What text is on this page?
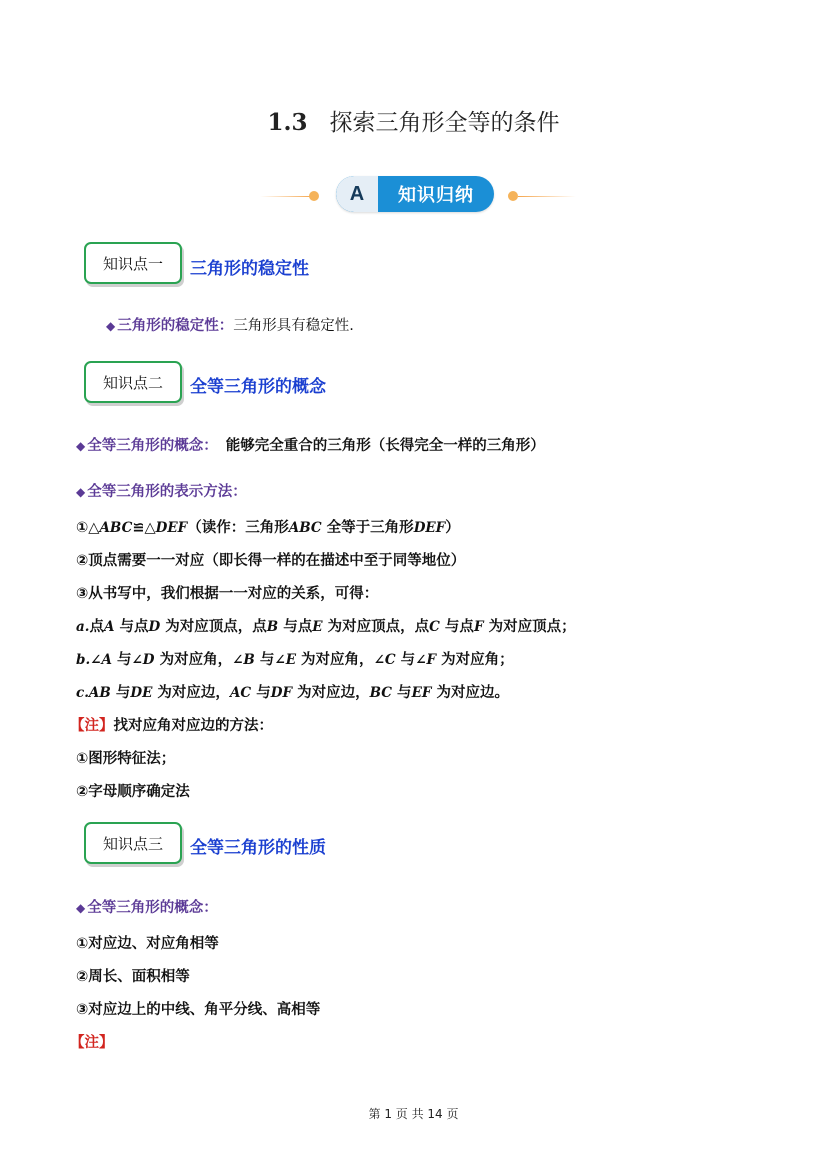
1.3 探索三角形全等的条件
A	知识归纳
知识点一	三角形的稳定性
◆ 三角形的稳定性：三角形具有稳定性.
知识点二	全等三角形的概念
◆ 全等三角形的概念： 能够完全重合的三角形（长得完全一样的三角形）
◆ 全等三角形的表示方法：
①△ABC≌△DEF（读作：三角形ABC 全等于三角形DEF）
②顶点需要一一对应（即长得一样的在描述中至于同等地位）
③从书写中，我们根据一一对应的关系，可得：
a.点A 与点D 为对应顶点，点B 与点E 为对应顶点，点C 与点F 为对应顶点；
b.∠A 与∠D 为对应角，∠B 与∠E 为对应角，∠C 与∠F 为对应角；
c.AB 与DE 为对应边，AC 与DF 为对应边，BC 与EF 为对应边。
【注】找对应角对应边的方法：
①图形特征法；
②字母顺序确定法
知识点三	全等三角形的性质
◆ 全等三角形的概念：
①对应边、对应角相等
②周长、面积相等
③对应边上的中线、角平分线、高相等
【注】
第 1 页 共 14 页
